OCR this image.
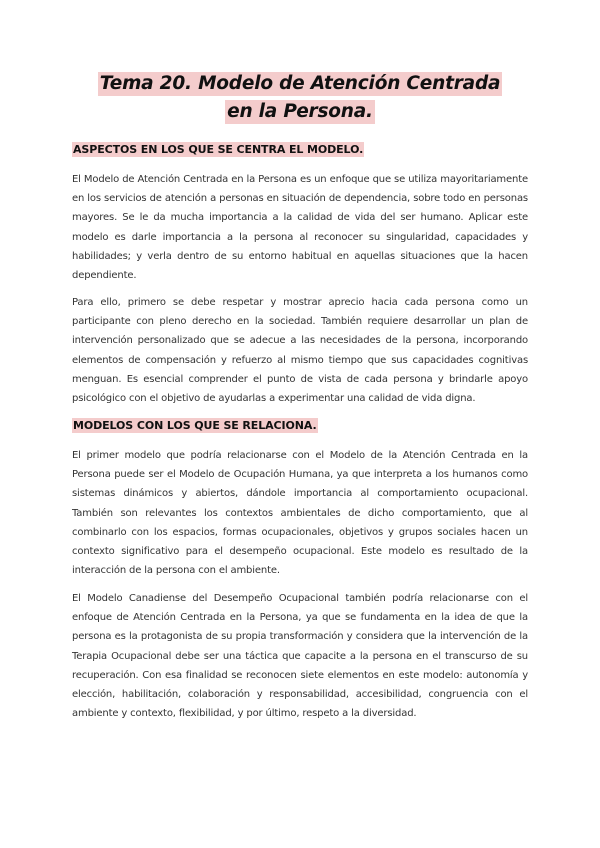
Tema 20. Modelo de Atención Centrada
en la Persona.
ASPECTOS EN LOS QUE SE CENTRA EL MODELO.

El Modelo de Atención Centrada en la Persona es un enfoque que se utiliza mayoritariamente en los servicios de atención a personas en situación de dependencia, sobre todo en personas mayores. Se le da mucha importancia a la calidad de vida del ser humano. Aplicar este modelo es darle importancia a la persona al reconocer su singularidad, capacidades y habilidades; y verla dentro de su entorno habitual en aquellas situaciones que la hacen dependiente.

Para ello, primero se debe respetar y mostrar aprecio hacia cada persona como un participante con pleno derecho en la sociedad. También requiere desarrollar un plan de intervención personalizado que se adecue a las necesidades de la persona, incorporando elementos de compensación y refuerzo al mismo tiempo que sus capacidades cognitivas menguan. Es esencial comprender el punto de vista de cada persona y brindarle apoyo psicológico con el objetivo de ayudarlas a experimentar una calidad de vida digna.

MODELOS CON LOS QUE SE RELACIONA.

El primer modelo que podría relacionarse con el Modelo de la Atención Centrada en la Persona puede ser el Modelo de Ocupación Humana, ya que interpreta a los humanos como sistemas dinámicos y abiertos, dándole importancia al comportamiento ocupacional. También son relevantes los contextos ambientales de dicho comportamiento, que al combinarlo con los espacios, formas ocupacionales, objetivos y grupos sociales hacen un contexto significativo para el desempeño ocupacional. Este modelo es resultado de la interacción de la persona con el ambiente.

El Modelo Canadiense del Desempeño Ocupacional también podría relacionarse con el enfoque de Atención Centrada en la Persona, ya que se fundamenta en la idea de que la persona es la protagonista de su propia transformación y considera que la intervención de la Terapia Ocupacional debe ser una táctica que capacite a la persona en el transcurso de su recuperación. Con esa finalidad se reconocen siete elementos en este modelo: autonomía y elección, habilitación, colaboración y responsabilidad, accesibilidad, congruencia con el ambiente y contexto, flexibilidad, y por último, respeto a la diversidad.
